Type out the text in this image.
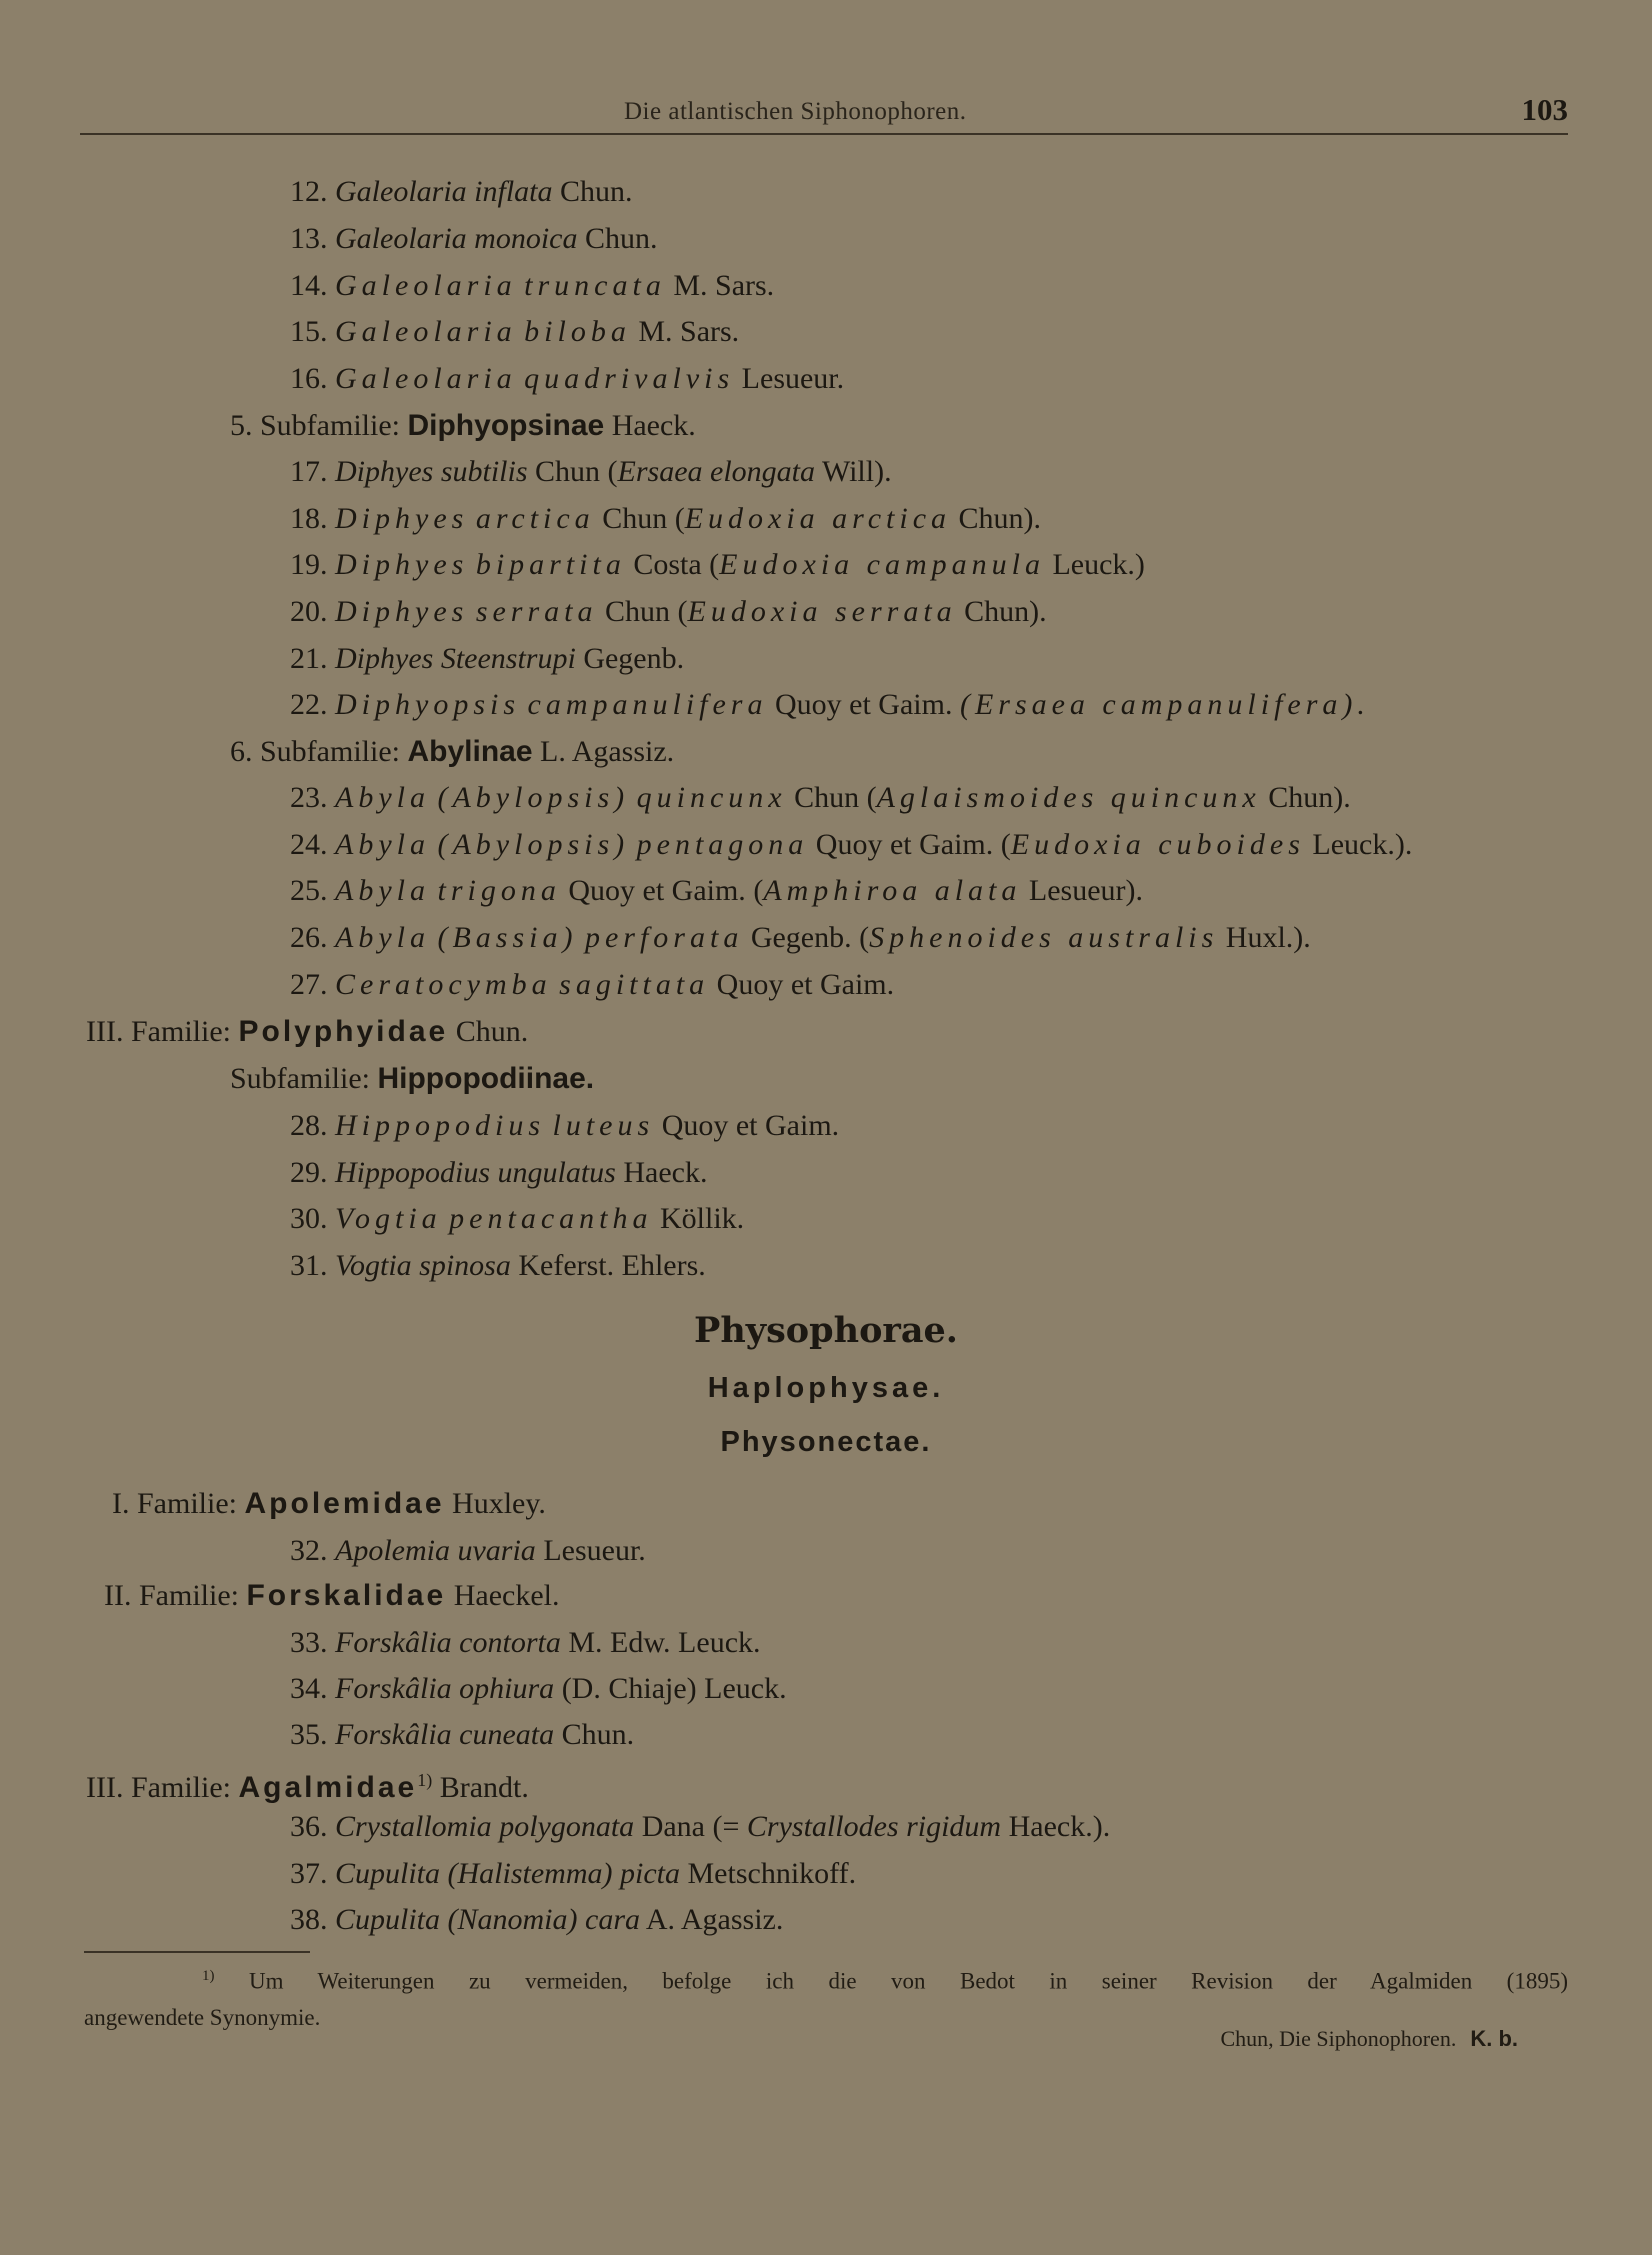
Die atlantischen Siphonophoren.	103
12. Galeolaria inflata Chun.
13. Galeolaria monoica Chun.
14. Galeolaria truncata M. Sars.
15. Galeolaria biloba M. Sars.
16. Galeolaria quadrivalvis Lesueur.
17. Diphyes subtilis Chun (Ersaea elongata Will).
18. Diphyes arctica Chun (Eudoxia arctica Chun).
19. Diphyes bipartita Costa (Eudoxia campanula Leuck.)
20. Diphyes serrata Chun (Eudoxia serrata Chun).
21. Diphyes Steenstrupi Gegenb.
22. Diphyopsis campanulifera Quoy et Gaim. (Ersaea campanulifera).
23. Abyla (Abylopsis) quincunx Chun (Aglaismoides quincunx Chun).
24. Abyla (Abylopsis) pentagona Quoy et Gaim. (Eudoxia cuboides Leuck.).
25. Abyla trigona Quoy et Gaim. (Amphiroa alata Lesueur).
26. Abyla (Bassia) perforata Gegenb. (Sphenoides australis Huxl.).
27. Ceratocymba sagittata Quoy et Gaim.
28. Hippopodius luteus Quoy et Gaim.
29. Hippopodius ungulatus Haeck.
30. Vogtia pentacantha Köllik.
31. Vogtia spinosa Keferst. Ehlers.
32. Apolemia uvaria Lesueur.
33. Forskâlia contorta M. Edw. Leuck.
34. Forskâlia ophiura (D. Chiaje) Leuck.
35. Forskâlia cuneata Chun.
36. Crystallomia polygonata Dana (= Crystallodes rigidum Haeck.).
37. Cupulita (Halistemma) picta Metschnikoff.
38. Cupulita (Nanomia) cara A. Agassiz.
5. Subfamilie: Diphyopsinae Haeck.
6. Subfamilie: Abylinae L. Agassiz.
III. Familie: Polyphyidae Chun.
Subfamilie: Hippopodiinae.
Physophorae.
Haplophysae.
Physonectae.
I. Familie: Apolemidae Huxley.
II. Familie: Forskalidae Haeckel.
III. Familie: Agalmidae$^{1)}$ Brandt.
$^{1)}$ Um Weiterungen zu vermeiden, befolge ich die von Bedot in seiner Revision der Agalmiden (1895)
angewendete Synonymie.
Chun, Die Siphonophoren. K. b.
